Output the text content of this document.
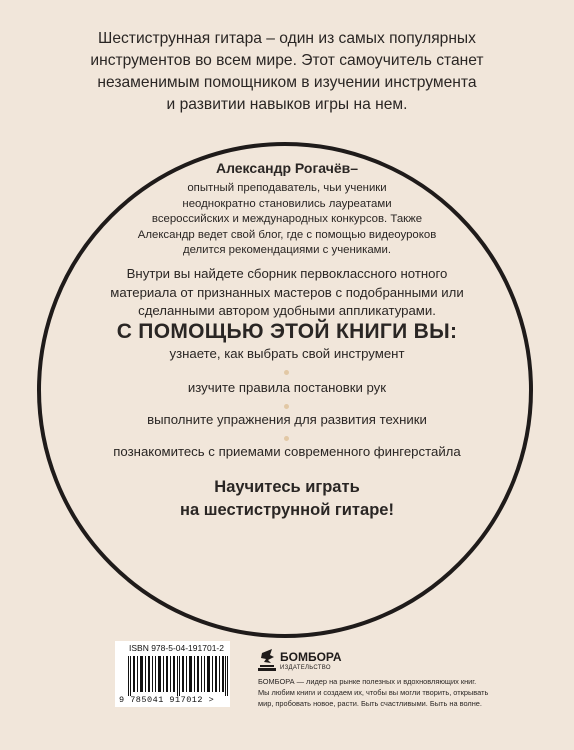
Шестиструнная гитара – один из самых популярных
инструментов во всем мире. Этот самоучитель станет
незаменимым помощником в изучении инструмента
и развитии навыков игры на нем.
Александр Рогачёв–
опытный преподаватель, чьи ученики
неоднократно становились лауреатами
всероссийских и международных конкурсов. Также
Александр ведет свой блог, где с помощью видеоуроков
делится рекомендациями с учениками.
Внутри вы найдете сборник первоклассного нотного
материала от признанных мастеров с подобранными или
сделанными автором удобными аппликатурами.
С ПОМОЩЬЮ ЭТОЙ КНИГИ ВЫ:
узнаете, как выбрать свой инструмент
изучите правила постановки рук
выполните упражнения для развития техники
познакомитесь с приемами современного фингерстайла
Научитесь играть
на шестиструнной гитаре!
ISBN 978-5-04-191701-2
9 785041 917012 >
БОМБОРА
ИЗДАТЕЛЬСТВО
БОМБОРА — лидер на рынке полезных и вдохновляющих книг.
Мы любим книги и создаем их, чтобы вы могли творить, открывать
мир, пробовать новое, расти. Быть счастливыми. Быть на волне.
